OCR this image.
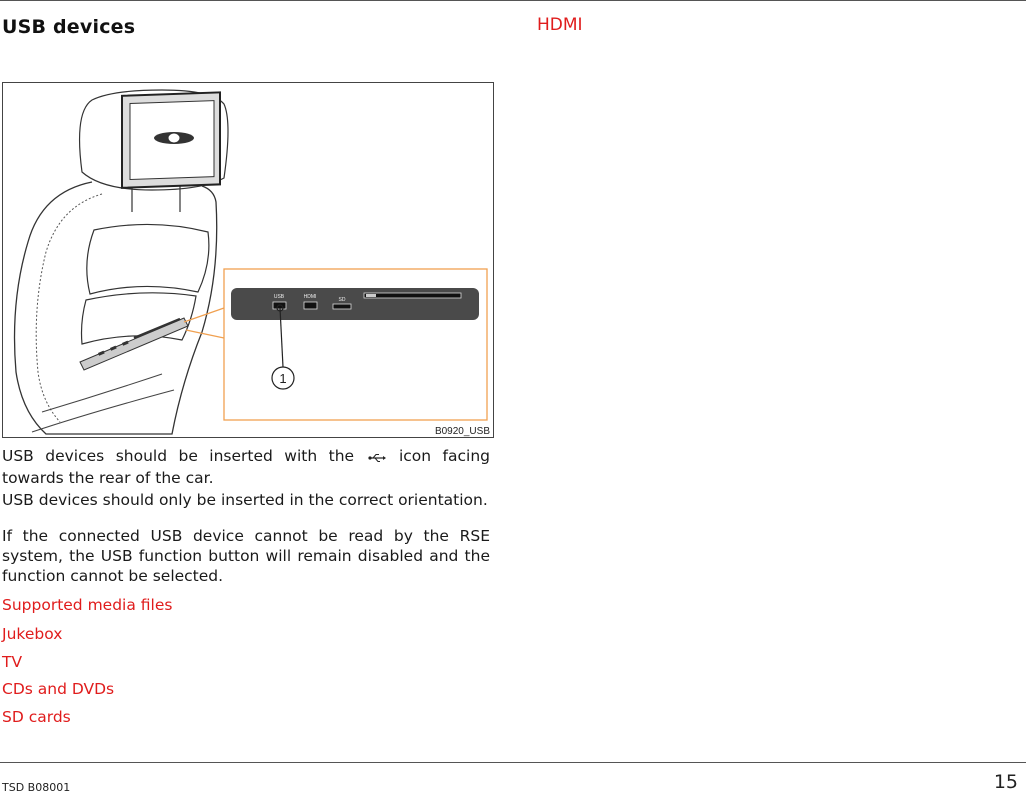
USB devices	HDMI
USB	HDMI	SD
1
B0920_USB

USB devices should be inserted with the  icon facing towards the rear of the car.

USB devices should only be inserted in the correct orientation.

If the connected USB device cannot be read by the RSE system, the USB function button will remain disabled and the function cannot be selected.

Supported media files
Jukebox
TV
CDs and DVDs
SD cards
TSD B08001	15
